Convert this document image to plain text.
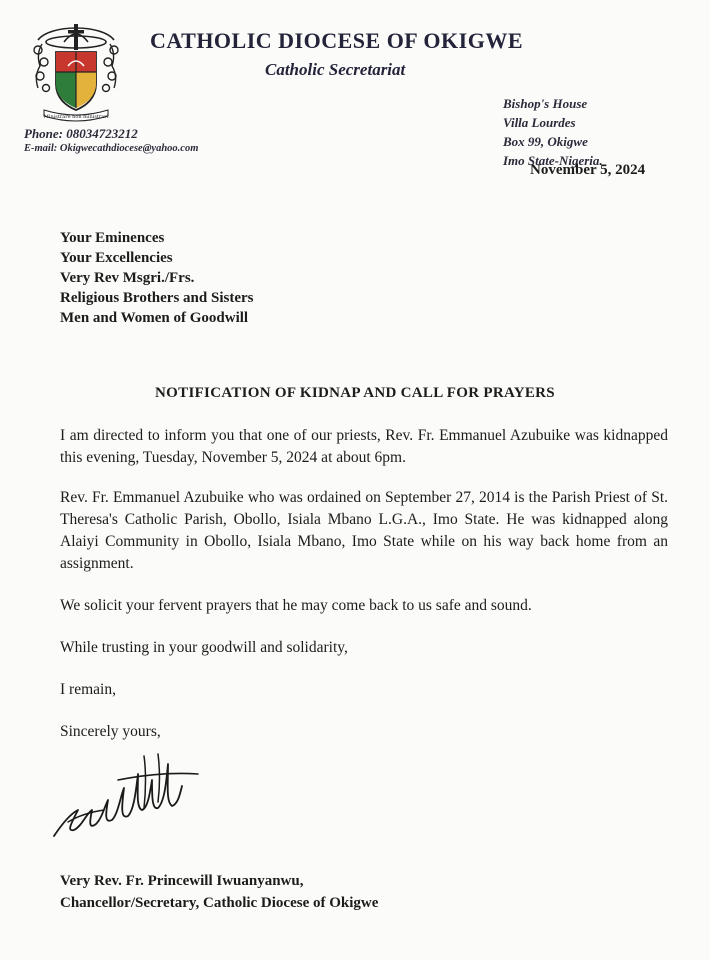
Ministrare non ministrari
CATHOLIC DIOCESE OF OKIGWE
Catholic Secretariat
Phone: 08034723212
E-mail: Okigwecathdiocese@yahoo.com
Bishop's House
Villa Lourdes
Box 99, Okigwe
Imo State-Nigeria.
November 5, 2024
Your Eminences
Your Excellencies
Very Rev Msgri./Frs.
Religious Brothers and Sisters
Men and Women of Goodwill
NOTIFICATION OF KIDNAP AND CALL FOR PRAYERS

I am directed to inform you that one of our priests, Rev. Fr. Emmanuel Azubuike was kidnapped this evening, Tuesday, November 5, 2024 at about 6pm.

Rev. Fr. Emmanuel Azubuike who was ordained on September 27, 2014 is the Parish Priest of St. Theresa's Catholic Parish, Obollo, Isiala Mbano L.G.A., Imo State. He was kidnapped along Alaiyi Community in Obollo, Isiala Mbano, Imo State while on his way back home from an assignment.

We solicit your fervent prayers that he may come back to us safe and sound.

While trusting in your goodwill and solidarity,

I remain,

Sincerely yours,

Very Rev. Fr. Princewill Iwuanyanwu,
Chancellor/Secretary, Catholic Diocese of Okigwe
